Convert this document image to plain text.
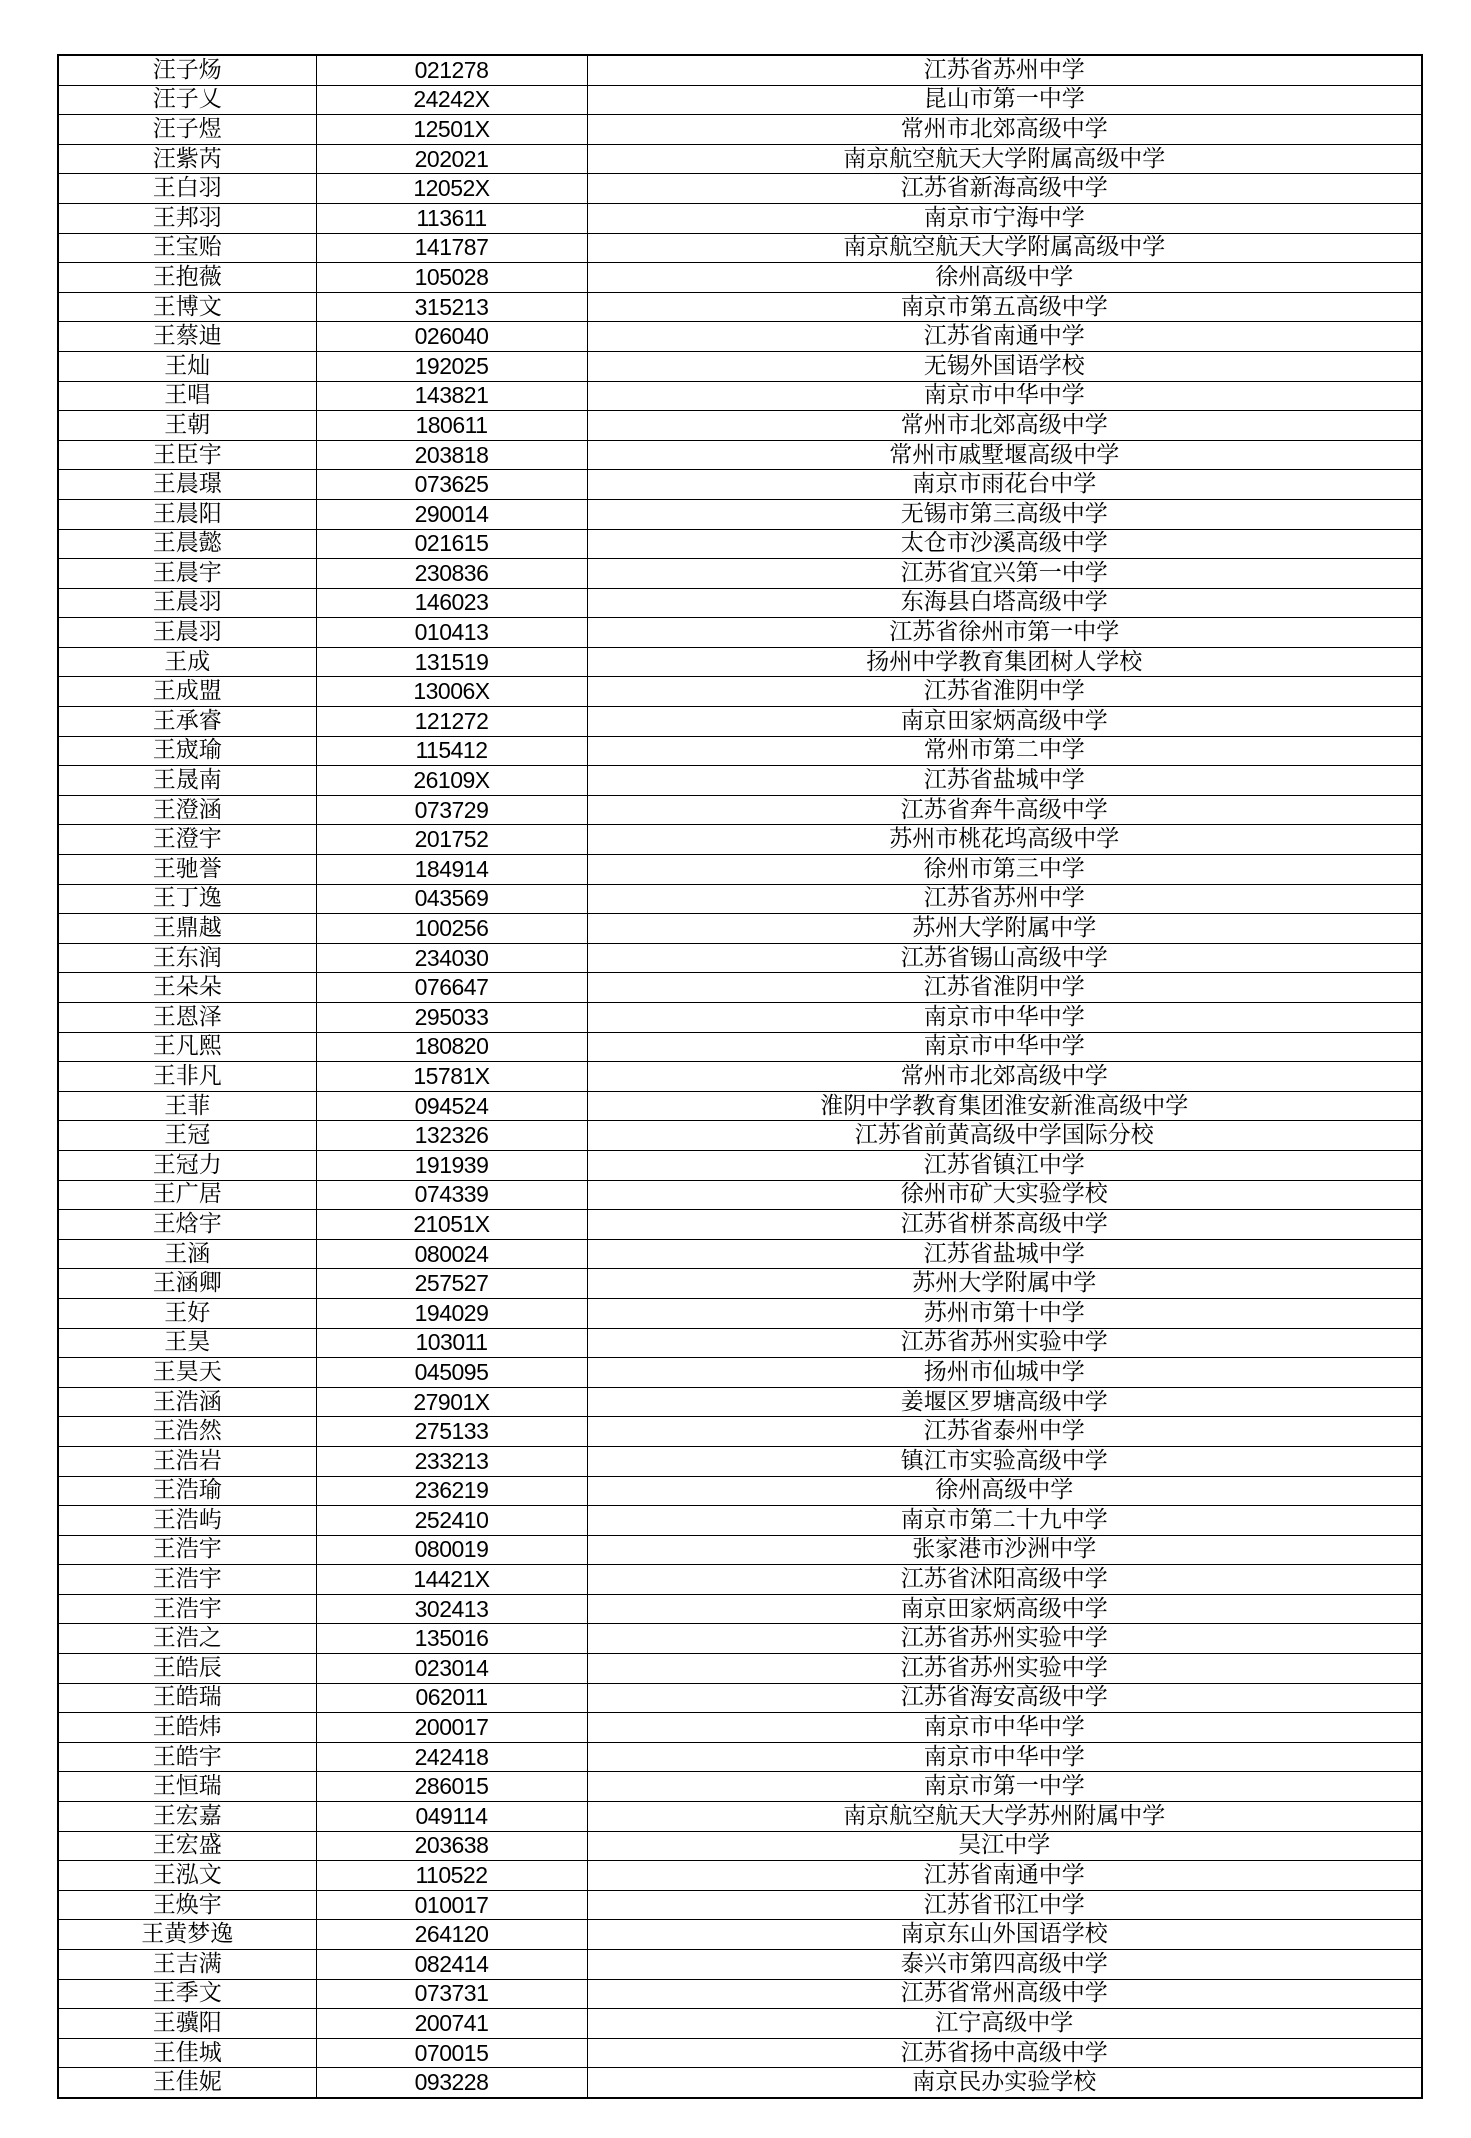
汪子炀	021278	江苏省苏州中学
汪子乂	24242X	昆山市第一中学
汪子煜	12501X	常州市北郊高级中学
汪紫芮	202021	南京航空航天大学附属高级中学
王白羽	12052X	江苏省新海高级中学
王邦羽	113611	南京市宁海中学
王宝贻	141787	南京航空航天大学附属高级中学
王抱薇	105028	徐州高级中学
王博文	315213	南京市第五高级中学
王蔡迪	026040	江苏省南通中学
王灿	192025	无锡外国语学校
王唱	143821	南京市中华中学
王朝	180611	常州市北郊高级中学
王臣宇	203818	常州市戚墅堰高级中学
王晨璟	073625	南京市雨花台中学
王晨阳	290014	无锡市第三高级中学
王晨懿	021615	太仓市沙溪高级中学
王晨宇	230836	江苏省宜兴第一中学
王晨羽	146023	东海县白塔高级中学
王晨羽	010413	江苏省徐州市第一中学
王成	131519	扬州中学教育集团树人学校
王成盟	13006X	江苏省淮阴中学
王承睿	121272	南京田家炳高级中学
王宬瑜	115412	常州市第二中学
王晟南	26109X	江苏省盐城中学
王澄涵	073729	江苏省奔牛高级中学
王澄宇	201752	苏州市桃花坞高级中学
王驰誉	184914	徐州市第三中学
王丁逸	043569	江苏省苏州中学
王鼎越	100256	苏州大学附属中学
王东润	234030	江苏省锡山高级中学
王朵朵	076647	江苏省淮阴中学
王恩泽	295033	南京市中华中学
王凡熙	180820	南京市中华中学
王非凡	15781X	常州市北郊高级中学
王菲	094524	淮阴中学教育集团淮安新淮高级中学
王冠	132326	江苏省前黄高级中学国际分校
王冠力	191939	江苏省镇江中学
王广居	074339	徐州市矿大实验学校
王焓宇	21051X	江苏省栟茶高级中学
王涵	080024	江苏省盐城中学
王涵卿	257527	苏州大学附属中学
王好	194029	苏州市第十中学
王昊	103011	江苏省苏州实验中学
王昊天	045095	扬州市仙城中学
王浩涵	27901X	姜堰区罗塘高级中学
王浩然	275133	江苏省泰州中学
王浩岩	233213	镇江市实验高级中学
王浩瑜	236219	徐州高级中学
王浩屿	252410	南京市第二十九中学
王浩宇	080019	张家港市沙洲中学
王浩宇	14421X	江苏省沭阳高级中学
王浩宇	302413	南京田家炳高级中学
王浩之	135016	江苏省苏州实验中学
王皓辰	023014	江苏省苏州实验中学
王皓瑞	062011	江苏省海安高级中学
王皓炜	200017	南京市中华中学
王皓宇	242418	南京市中华中学
王恒瑞	286015	南京市第一中学
王宏嘉	049114	南京航空航天大学苏州附属中学
王宏盛	203638	吴江中学
王泓文	110522	江苏省南通中学
王焕宇	010017	江苏省邗江中学
王黄梦逸	264120	南京东山外国语学校
王吉满	082414	泰兴市第四高级中学
王季文	073731	江苏省常州高级中学
王骥阳	200741	江宁高级中学
王佳城	070015	江苏省扬中高级中学
王佳妮	093228	南京民办实验学校
